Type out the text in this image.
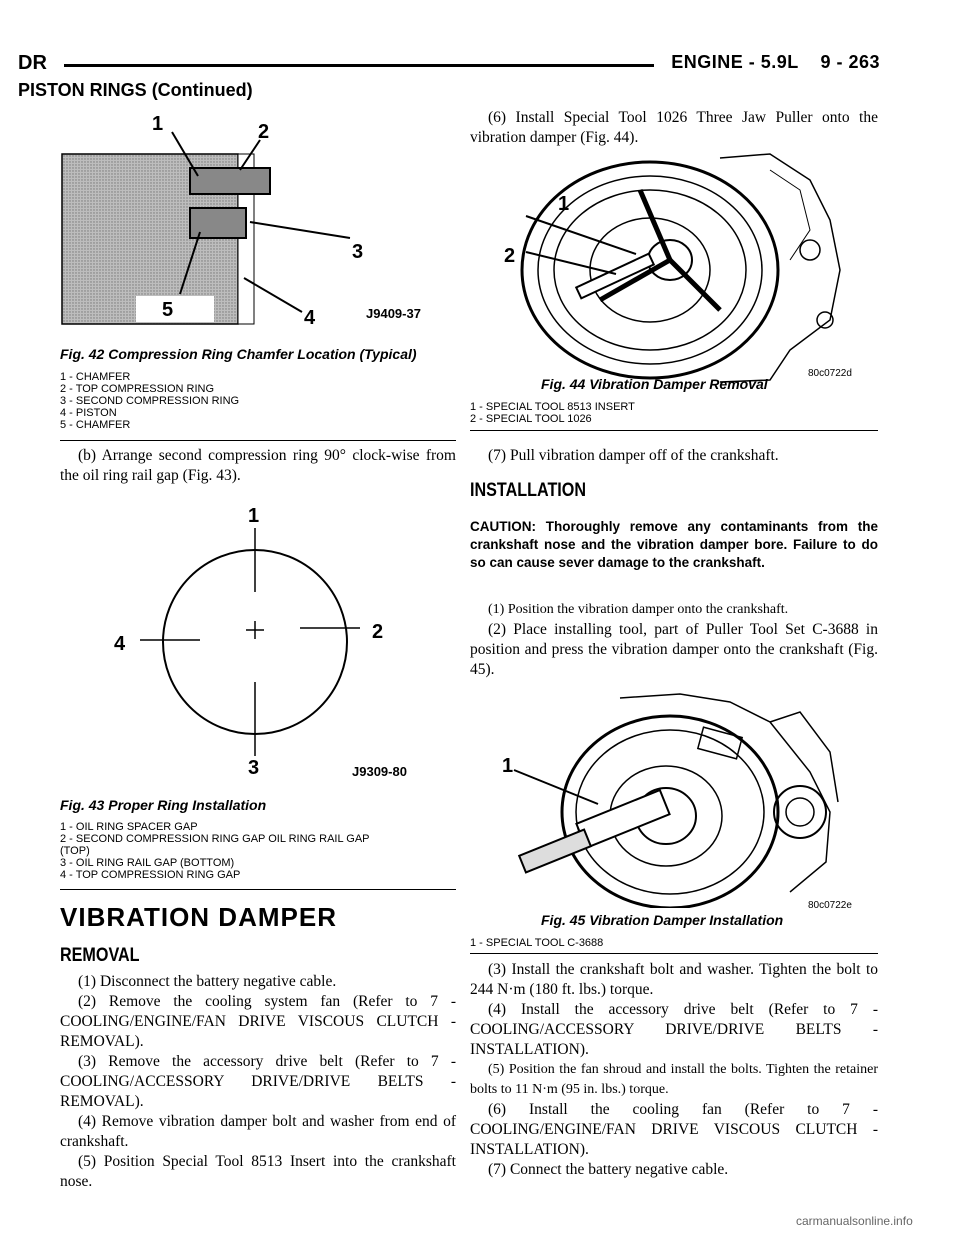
DR	ENGINE - 5.9L    9 - 263
PISTON RINGS (Continued)
1	2
3
4
5	J9409-37
Fig. 42 Compression Ring Chamfer Location (Typical)
1 - CHAMFER
2 - TOP COMPRESSION RING
3 - SECOND COMPRESSION RING
4 - PISTON
5 - CHAMFER

(b) Arrange second compression ring 90° clock-wise from the oil ring rail gap (Fig. 43).

1
2
3
4
J9309-80
Fig. 43 Proper Ring Installation
1 - OIL RING SPACER GAP
2 - SECOND COMPRESSION RING GAP OIL RING RAIL GAP (TOP)
3 - OIL RING RAIL GAP (BOTTOM)
4 - TOP COMPRESSION RING GAP
VIBRATION DAMPER
REMOVAL

(1) Disconnect the battery negative cable.

(2) Remove the cooling system fan (Refer to 7 - COOLING/ENGINE/FAN DRIVE VISCOUS CLUTCH - REMOVAL).

(3) Remove the accessory drive belt (Refer to 7 - COOLING/ACCESSORY DRIVE/DRIVE BELTS - REMOVAL).

(4) Remove vibration damper bolt and washer from end of crankshaft.

(5) Position Special Tool 8513 Insert into the crankshaft nose.

(6) Install Special Tool 1026 Three Jaw Puller onto the vibration damper (Fig. 44).

1
2
Fig. 44 Vibration Damper Removal
80c0722d
1 - SPECIAL TOOL 8513 INSERT
2 - SPECIAL TOOL 1026

(7) Pull vibration damper off of the crankshaft.

INSTALLATION
CAUTION: Thoroughly remove any contaminants from the crankshaft nose and the vibration damper bore. Failure to do so can cause sever damage to the crankshaft.

(1) Position the vibration damper onto the crankshaft.

(2) Place installing tool, part of Puller Tool Set C-3688 in position and press the vibration damper onto the crankshaft (Fig. 45).

1
80c0722e
Fig. 45 Vibration Damper Installation
1 - SPECIAL TOOL C-3688

(3) Install the crankshaft bolt and washer. Tighten the bolt to 244 N·m (180 ft. lbs.) torque.

(4) Install the accessory drive belt (Refer to 7 - COOLING/ACCESSORY DRIVE/DRIVE BELTS - INSTALLATION).

(5) Position the fan shroud and install the bolts. Tighten the retainer bolts to 11 N·m (95 in. lbs.) torque.

(6) Install the cooling fan (Refer to 7 - COOLING/ENGINE/FAN DRIVE VISCOUS CLUTCH - INSTALLATION).

(7) Connect the battery negative cable.

carmanualsonline.info
